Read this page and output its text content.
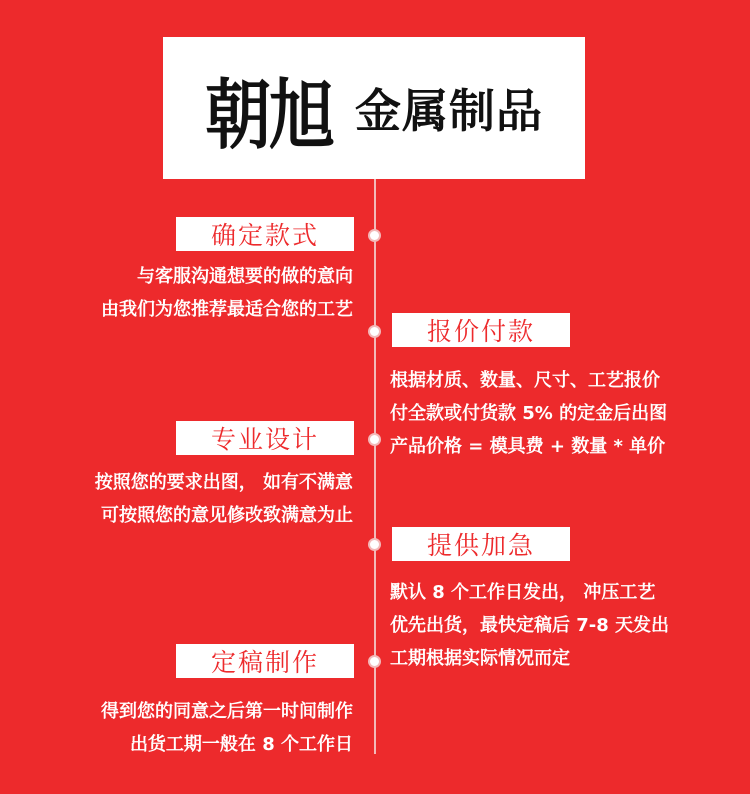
朝旭 金属制品
确定款式
与客服沟通想要的做的意向
由我们为您推荐最适合您的工艺
报价付款
根据材质、数量、尺寸、工艺报价
付全款或付货款 5% 的定金后出图
产品价格 = 模具费 + 数量 * 单价
专业设计
按照您的要求出图， 如有不满意
可按照您的意见修改致满意为止
提供加急
默认 8 个工作日发出， 冲压工艺
优先出货，最快定稿后 7-8 天发出
工期根据实际情况而定
定稿制作
得到您的同意之后第一时间制作
出货工期一般在 8 个工作日
